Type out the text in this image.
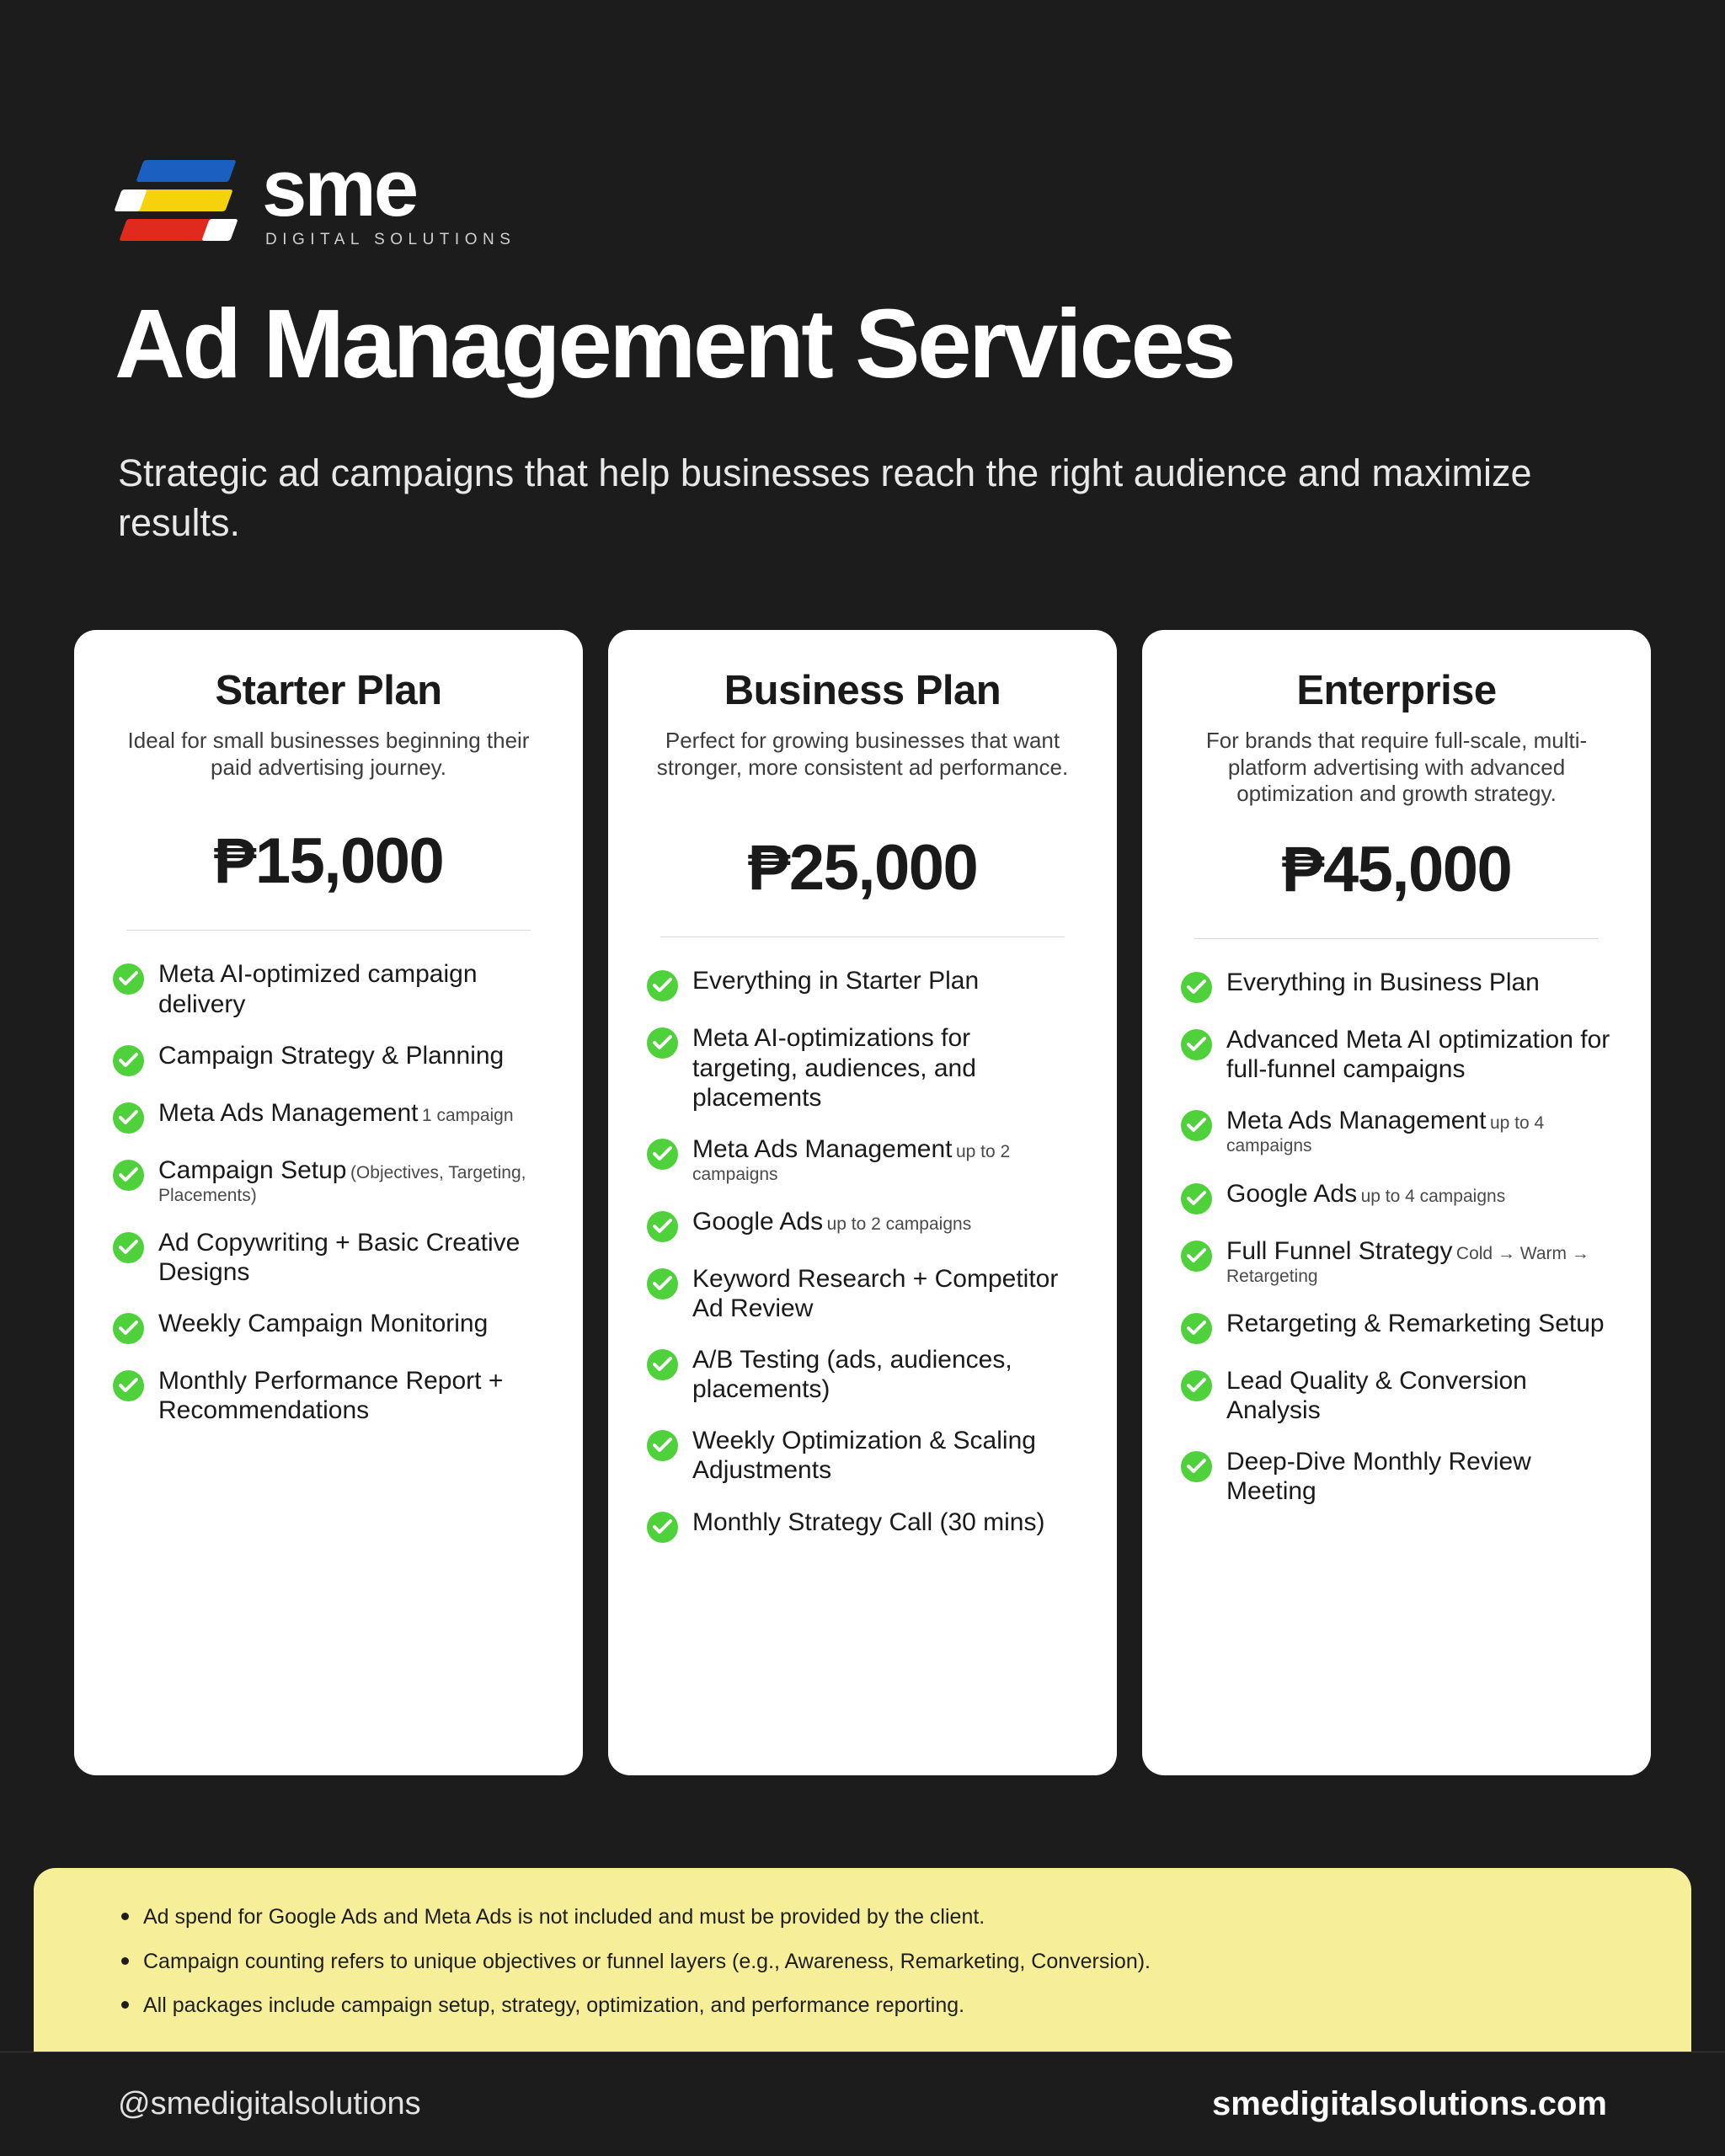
sme
DIGITAL SOLUTIONS
Ad Management Services

Strategic ad campaigns that help businesses reach the right audience and maximize results.

Starter Plan
Ideal for small businesses beginning their paid advertising journey.
₱15,000
Meta AI-optimized campaign delivery
Campaign Strategy & Planning
Meta Ads Management 1 campaign
Campaign Setup (Objectives, Targeting, Placements)
Ad Copywriting + Basic Creative Designs
Weekly Campaign Monitoring
Monthly Performance Report + Recommendations
Business Plan
Perfect for growing businesses that want stronger, more consistent ad performance.
₱25,000
Everything in Starter Plan
Meta AI-optimizations for targeting, audiences, and placements
Meta Ads Management up to 2 campaigns
Google Ads up to 2 campaigns
Keyword Research + Competitor Ad Review
A/B Testing (ads, audiences, placements)
Weekly Optimization & Scaling Adjustments
Monthly Strategy Call (30 mins)
Enterprise
For brands that require full-scale, multi-platform advertising with advanced optimization and growth strategy.
₱45,000
Everything in Business Plan
Advanced Meta AI optimization for full-funnel campaigns
Meta Ads Management up to 4 campaigns
Google Ads up to 4 campaigns
Full Funnel Strategy Cold → Warm → Retargeting
Retargeting & Remarketing Setup
Lead Quality & Conversion Analysis
Deep-Dive Monthly Review Meeting
Ad spend for Google Ads and Meta Ads is not included and must be provided by the client.
Campaign counting refers to unique objectives or funnel layers (e.g., Awareness, Remarketing, Conversion).
All packages include campaign setup, strategy, optimization, and performance reporting.
@smedigitalsolutions	smedigitalsolutions.com
